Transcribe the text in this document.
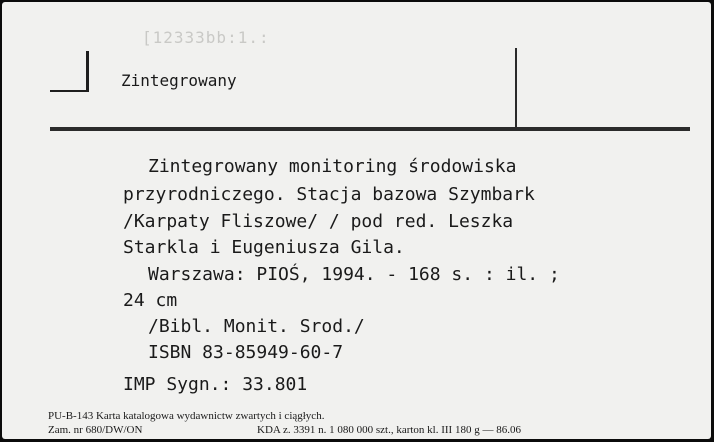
[12333bb:1.:
Zintegrowany
Zintegrowany monitoring środowiska
przyrodniczego. Stacja bazowa Szymbark
/Karpaty Fliszowe/ / pod red. Leszka
Starkla i Eugeniusza Gila.
Warszawa: PIOŚ, 1994. - 168 s. : il. ;
24 cm
/Bibl. Monit. Srod./
ISBN 83-85949-60-7
IMP Sygn.: 33.801
PU-B-143 Karta katalogowa wydawnictw zwartych i ciągłych.
Zam. nr 680/DW/ON	KDA z. 3391 n. 1 080 000 szt., karton kl. III 180 g — 86.06
